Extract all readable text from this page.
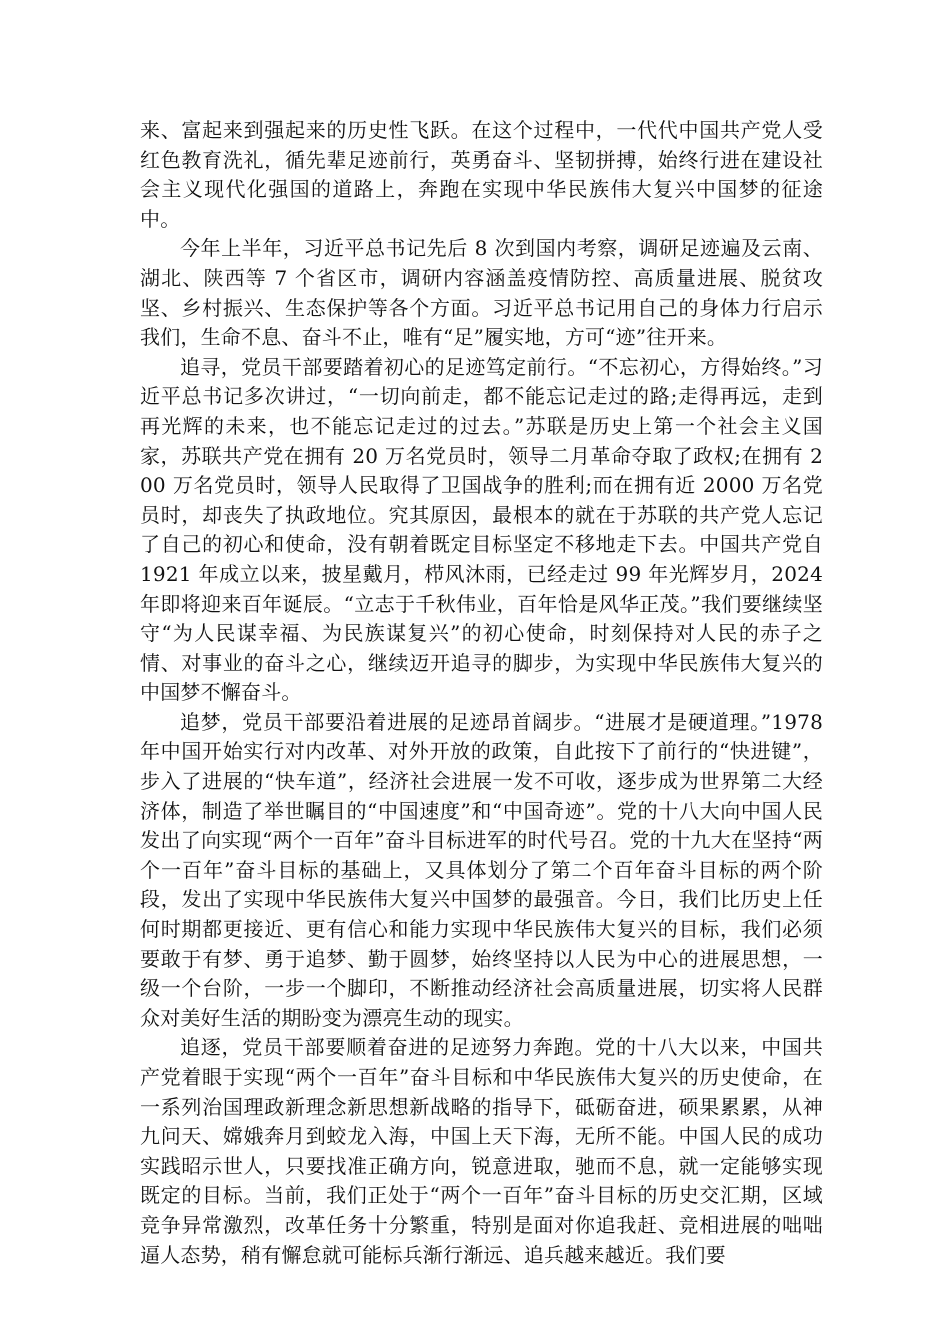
来、富起来到强起来的历史性飞跃。在这个过程中，一代代中国共产党人受红色教育洗礼，循先辈足迹前行，英勇奋斗、坚韧拼搏，始终行进在建设社会主义现代化强国的道路上，奔跑在实现中华民族伟大复兴中国梦的征途中。

今年上半年，习近平总书记先后 8 次到国内考察，调研足迹遍及云南、湖北、陕西等 7 个省区市，调研内容涵盖疫情防控、高质量进展、脱贫攻坚、乡村振兴、生态保护等各个方面。习近平总书记用自己的身体力行启示我们，生命不息、奋斗不止，唯有“足”履实地，方可“迹”往开来。

追寻，党员干部要踏着初心的足迹笃定前行。“不忘初心，方得始终。”习近平总书记多次讲过，“一切向前走，都不能忘记走过的路;走得再远，走到再光辉的未来，也不能忘记走过的过去。”苏联是历史上第一个社会主义国家，苏联共产党在拥有 20 万名党员时，领导二月革命夺取了政权;在拥有 200 万名党员时，领导人民取得了卫国战争的胜利;而在拥有近 2000 万名党员时，却丧失了执政地位。究其原因，最根本的就在于苏联的共产党人忘记了自己的初心和使命，没有朝着既定目标坚定不移地走下去。中国共产党自 1921 年成立以来，披星戴月，栉风沐雨，已经走过 99 年光辉岁月，2024 年即将迎来百年诞辰。“立志于千秋伟业，百年恰是风华正茂。”我们要继续坚守“为人民谋幸福、为民族谋复兴”的初心使命，时刻保持对人民的赤子之情、对事业的奋斗之心，继续迈开追寻的脚步，为实现中华民族伟大复兴的中国梦不懈奋斗。

追梦，党员干部要沿着进展的足迹昂首阔步。“进展才是硬道理。”1978 年中国开始实行对内改革、对外开放的政策，自此按下了前行的“快进键”，步入了进展的“快车道”，经济社会进展一发不可收，逐步成为世界第二大经济体，制造了举世瞩目的“中国速度”和“中国奇迹”。党的十八大向中国人民发出了向实现“两个一百年”奋斗目标进军的时代号召。党的十九大在坚持“两个一百年”奋斗目标的基础上，又具体划分了第二个百年奋斗目标的两个阶段，发出了实现中华民族伟大复兴中国梦的最强音。今日，我们比历史上任何时期都更接近、更有信心和能力实现中华民族伟大复兴的目标，我们必须要敢于有梦、勇于追梦、勤于圆梦，始终坚持以人民为中心的进展思想，一级一个台阶，一步一个脚印，不断推动经济社会高质量进展，切实将人民群众对美好生活的期盼变为漂亮生动的现实。

追逐，党员干部要顺着奋进的足迹努力奔跑。党的十八大以来，中国共产党着眼于实现“两个一百年”奋斗目标和中华民族伟大复兴的历史使命，在一系列治国理政新理念新思想新战略的指导下，砥砺奋进，硕果累累，从神九问天、嫦娥奔月到蛟龙入海，中国上天下海，无所不能。中国人民的成功实践昭示世人，只要找准正确方向，锐意进取，驰而不息，就一定能够实现既定的目标。当前，我们正处于“两个一百年”奋斗目标的历史交汇期，区域竞争异常激烈，改革任务十分繁重，特别是面对你追我赶、竞相进展的咄咄逼人态势，稍有懈怠就可能标兵渐行渐远、追兵越来越近。我们要
